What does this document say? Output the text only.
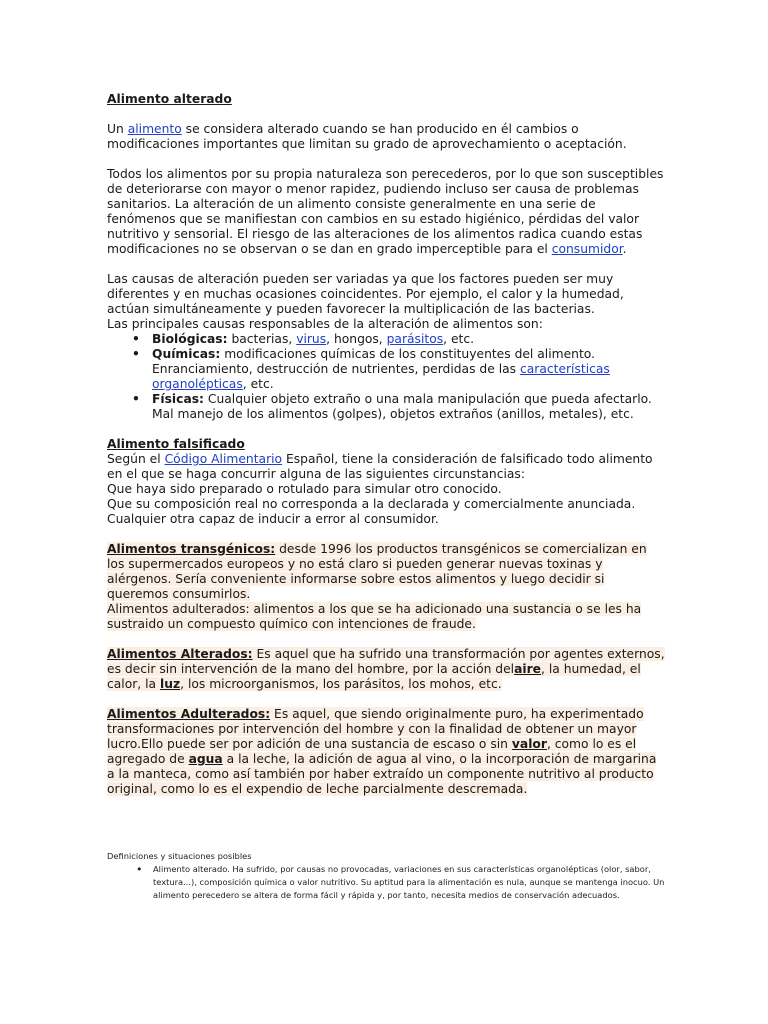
Alimento alterado

Un alimento se considera alterado cuando se han producido en él cambios o modificaciones importantes que limitan su grado de aprovechamiento o aceptación.

Todos los alimentos por su propia naturaleza son perecederos, por lo que son susceptibles de deteriorarse con mayor o menor rapidez, pudiendo incluso ser causa de problemas sanitarios. La alteración de un alimento consiste generalmente en una serie de fenómenos que se manifiestan con cambios en su estado higiénico, pérdidas del valor nutritivo y sensorial. El riesgo de las alteraciones de los alimentos radica cuando estas modificaciones no se observan o se dan en grado imperceptible para el consumidor.

Las causas de alteración pueden ser variadas ya que los factores pueden ser muy diferentes y en muchas ocasiones coincidentes. Por ejemplo, el calor y la humedad, actúan simultáneamente y pueden favorecer la multiplicación de las bacterias.

Las principales causas responsables de la alteración de alimentos son:

• Biológicas: bacterias, virus, hongos, parásitos, etc.
• Químicas: modificaciones químicas de los constituyentes del alimento. Enranciamiento, destrucción de nutrientes, perdidas de las características organolépticas, etc.
• Físicas: Cualquier objeto extraño o una mala manipulación que pueda afectarlo. Mal manejo de los alimentos (golpes), objetos extraños (anillos, metales), etc.

Alimento falsificado

Según el Código Alimentario Español, tiene la consideración de falsificado todo alimento en el que se haga concurrir alguna de las siguientes circunstancias:

Que haya sido preparado o rotulado para simular otro conocido.

Que su composición real no corresponda a la declarada y comercialmente anunciada.

Cualquier otra capaz de inducir a error al consumidor.

Alimentos transgénicos: desde 1996 los productos transgénicos se comercializan en los supermercados europeos y no está claro si pueden generar nuevas toxinas y alérgenos. Sería conveniente informarse sobre estos alimentos y luego decidir si queremos consumirlos.

Alimentos adulterados: alimentos a los que se ha adicionado una sustancia o se les ha sustraido un compuesto químico con intenciones de fraude.

Alimentos Alterados: Es aquel que ha sufrido una transformación por agentes externos, es decir sin intervención de la mano del hombre, por la acción delaire, la humedad, el calor, la luz, los microorganismos, los parásitos, los mohos, etc.

Alimentos Adulterados: Es aquel, que siendo originalmente puro, ha experimentado transformaciones por intervención del hombre y con la finalidad de obtener un mayor lucro.Ello puede ser por adición de una sustancia de escaso o sin valor, como lo es el agregado de agua a la leche, la adición de agua al vino, o la incorporación de margarina a la manteca, como así también por haber extraído un componente nutritivo al producto original, como lo es el expendio de leche parcialmente descremada.

Definiciones y situaciones posibles

• Alimento alterado. Ha sufrido, por causas no provocadas, variaciones en sus características organolépticas (olor, sabor, textura...), composición química o valor nutritivo. Su aptitud para la alimentación es nula, aunque se mantenga inocuo. Un alimento perecedero se altera de forma fácil y rápida y, por tanto, necesita medios de conservación adecuados.
